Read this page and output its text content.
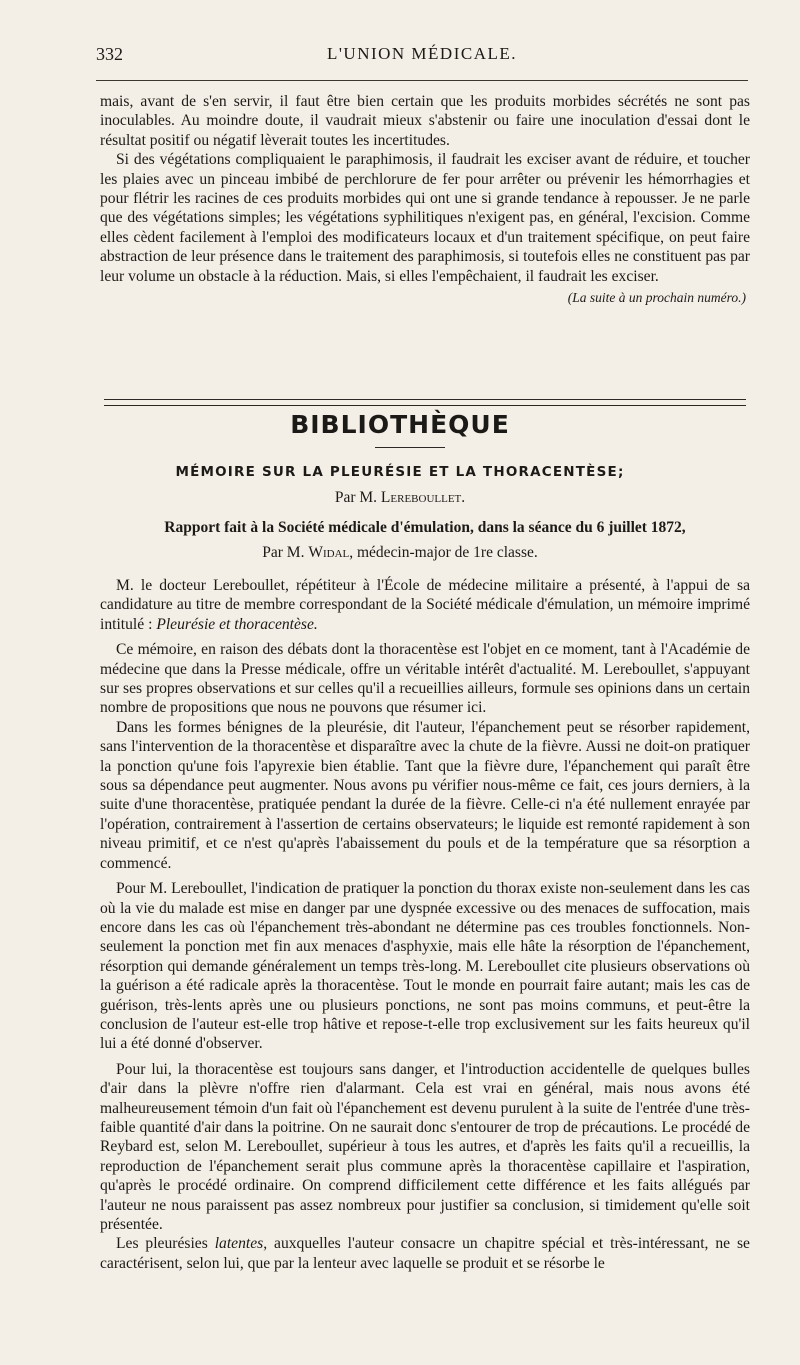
332	L'UNION MÉDICALE.

mais, avant de s'en servir, il faut être bien certain que les produits morbides sécrétés ne sont pas inoculables. Au moindre doute, il vaudrait mieux s'abstenir ou faire une inoculation d'essai dont le résultat positif ou négatif lèverait toutes les incertitudes.

Si des végétations compliquaient le paraphimosis, il faudrait les exciser avant de réduire, et toucher les plaies avec un pinceau imbibé de perchlorure de fer pour arrêter ou prévenir les hémorrhagies et pour flétrir les racines de ces produits morbides qui ont une si grande tendance à repousser. Je ne parle que des végétations simples; les végétations syphilitiques n'exigent pas, en général, l'excision. Comme elles cèdent facilement à l'emploi des modificateurs locaux et d'un traitement spécifique, on peut faire abstraction de leur présence dans le traitement des paraphimosis, si toutefois elles ne constituent pas par leur volume un obstacle à la réduction. Mais, si elles l'empêchaient, il faudrait les exciser.

(La suite à un prochain numéro.)

BIBLIOTHÈQUE
MÉMOIRE SUR LA PLEURÉSIE ET LA THORACENTÈSE;
Par M. Lereboullet.
Rapport fait à la Société médicale d'émulation, dans la séance du 6 juillet 1872,
Par M. Widal, médecin-major de 1re classe.

M. le docteur Lereboullet, répétiteur à l'École de médecine militaire a présenté, à l'appui de sa candidature au titre de membre correspondant de la Société médicale d'émulation, un mémoire imprimé intitulé : Pleurésie et thoracentèse.

Ce mémoire, en raison des débats dont la thoracentèse est l'objet en ce moment, tant à l'Académie de médecine que dans la Presse médicale, offre un véritable intérêt d'actualité. M. Lereboullet, s'appuyant sur ses propres observations et sur celles qu'il a recueillies ailleurs, formule ses opinions dans un certain nombre de propositions que nous ne pouvons que résumer ici.

Dans les formes bénignes de la pleurésie, dit l'auteur, l'épanchement peut se résorber rapidement, sans l'intervention de la thoracentèse et disparaître avec la chute de la fièvre. Aussi ne doit-on pratiquer la ponction qu'une fois l'apyrexie bien établie. Tant que la fièvre dure, l'épanchement qui paraît être sous sa dépendance peut augmenter. Nous avons pu vérifier nous-même ce fait, ces jours derniers, à la suite d'une thoracentèse, pratiquée pendant la durée de la fièvre. Celle-ci n'a été nullement enrayée par l'opération, contrairement à l'assertion de certains observateurs; le liquide est remonté rapidement à son niveau primitif, et ce n'est qu'après l'abaissement du pouls et de la température que sa résorption a commencé.

Pour M. Lereboullet, l'indication de pratiquer la ponction du thorax existe non-seulement dans les cas où la vie du malade est mise en danger par une dyspnée excessive ou des menaces de suffocation, mais encore dans les cas où l'épanchement très-abondant ne détermine pas ces troubles fonctionnels. Non-seulement la ponction met fin aux menaces d'asphyxie, mais elle hâte la résorption de l'épanchement, résorption qui demande généralement un temps très-long. M. Lereboullet cite plusieurs observations où la guérison a été radicale après la thoracentèse. Tout le monde en pourrait faire autant; mais les cas de guérison, très-lents après une ou plusieurs ponctions, ne sont pas moins communs, et peut-être la conclusion de l'auteur est-elle trop hâtive et repose-t-elle trop exclusivement sur les faits heureux qu'il lui a été donné d'observer.

Pour lui, la thoracentèse est toujours sans danger, et l'introduction accidentelle de quelques bulles d'air dans la plèvre n'offre rien d'alarmant. Cela est vrai en général, mais nous avons été malheureusement témoin d'un fait où l'épanchement est devenu purulent à la suite de l'entrée d'une très-faible quantité d'air dans la poitrine. On ne saurait donc s'entourer de trop de précautions. Le procédé de Reybard est, selon M. Lereboullet, supérieur à tous les autres, et d'après les faits qu'il a recueillis, la reproduction de l'épanchement serait plus commune après la thoracentèse capillaire et l'aspiration, qu'après le procédé ordinaire. On comprend difficilement cette différence et les faits allégués par l'auteur ne nous paraissent pas assez nombreux pour justifier sa conclusion, si timidement qu'elle soit présentée.

Les pleurésies latentes, auxquelles l'auteur consacre un chapitre spécial et très-intéressant, ne se caractérisent, selon lui, que par la lenteur avec laquelle se produit et se résorbe le
